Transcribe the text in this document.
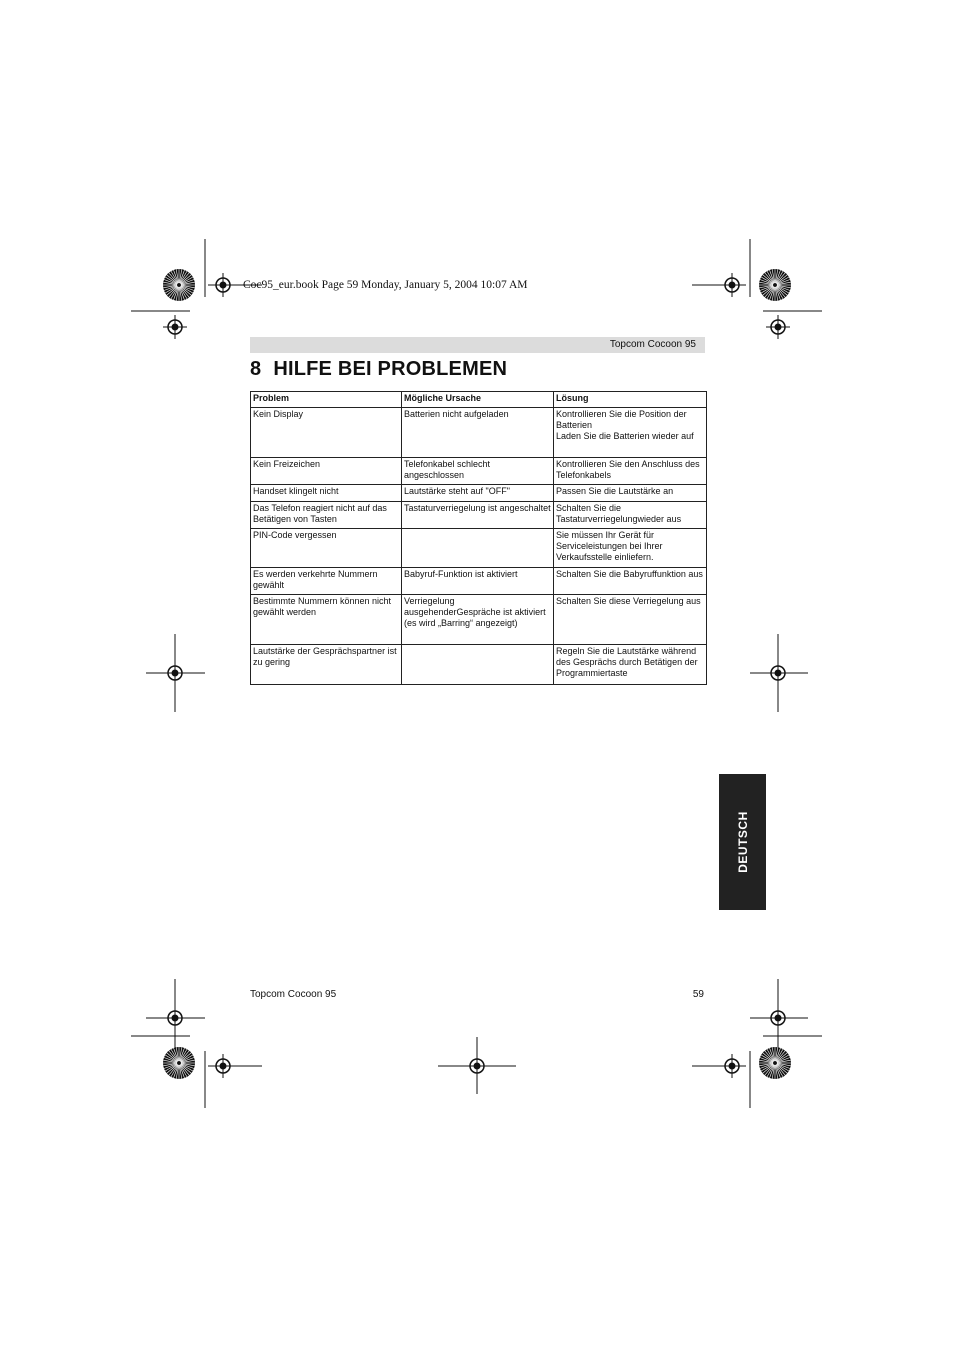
Coc95_eur.book Page 59 Monday, January 5, 2004 10:07 AM
Topcom Cocoon 95
8 HILFE BEI PROBLEMEN
Problem	Mögliche Ursache	Lösung

Kein Display	Batterien nicht aufgeladen	Kontrollieren Sie die Position der Batterien
Laden Sie die Batterien wieder auf

Kein Freizeichen	Telefonkabel schlecht angeschlossen	Kontrollieren Sie den Anschluss des Telefonkabels

Handset klingelt nicht	Lautstärke steht auf "OFF"	Passen Sie die Lautstärke an

Das Telefon reagiert nicht auf das Betätigen von Tasten	Tastaturverriegelung ist angeschaltet	Schalten Sie die Tastaturverriegelungwieder aus

PIN-Code vergessen		Sie müssen Ihr Gerät für Serviceleistungen bei Ihrer Verkaufsstelle einliefern.

Es werden verkehrte Nummern gewählt	Babyruf-Funktion ist aktiviert	Schalten Sie die Babyruffunktion aus

Bestimmte Nummern können nicht gewählt werden	Verriegelung ausgehenderGespräche ist aktiviert (es wird „Barring“ angezeigt)	Schalten Sie diese Verriegelung aus

Lautstärke der Gesprächspartner ist zu gering		Regeln Sie die Lautstärke während des Gesprächs durch Betätigen der Programmiertaste
DEUTSCH
Topcom Cocoon 95	59
